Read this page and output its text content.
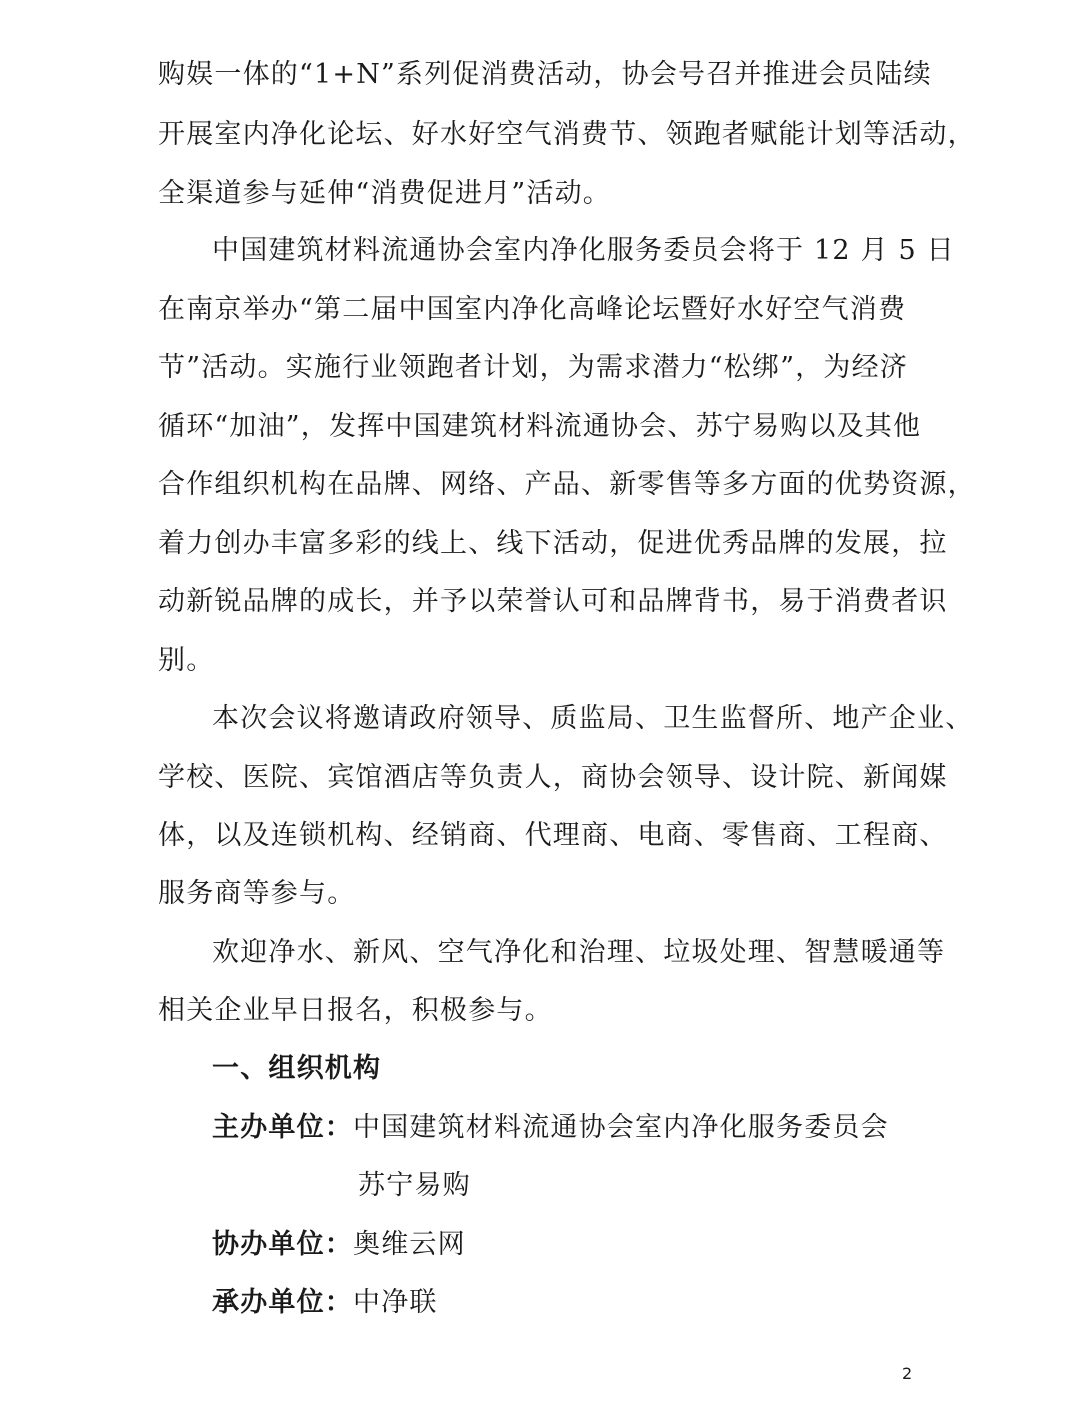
购娱一体的“1+N”系列促消费活动，协会号召并推进会员陆续
开展室内净化论坛、好水好空气消费节、领跑者赋能计划等活动，
全渠道参与延伸“消费促进月”活动。
中国建筑材料流通协会室内净化服务委员会将于 12 月 5 日
在南京举办“第二届中国室内净化高峰论坛暨好水好空气消费
节”活动。实施行业领跑者计划，为需求潜力“松绑”，为经济
循环“加油”，发挥中国建筑材料流通协会、苏宁易购以及其他
合作组织机构在品牌、网络、产品、新零售等多方面的优势资源，
着力创办丰富多彩的线上、线下活动，促进优秀品牌的发展，拉
动新锐品牌的成长，并予以荣誉认可和品牌背书，易于消费者识
别。
本次会议将邀请政府领导、质监局、卫生监督所、地产企业、
学校、医院、宾馆酒店等负责人，商协会领导、设计院、新闻媒
体，以及连锁机构、经销商、代理商、电商、零售商、工程商、
服务商等参与。
欢迎净水、新风、空气净化和治理、垃圾处理、智慧暖通等
相关企业早日报名，积极参与。
一、组织机构
主办单位：中国建筑材料流通协会室内净化服务委员会
苏宁易购
协办单位：奥维云网
承办单位：中净联
2
